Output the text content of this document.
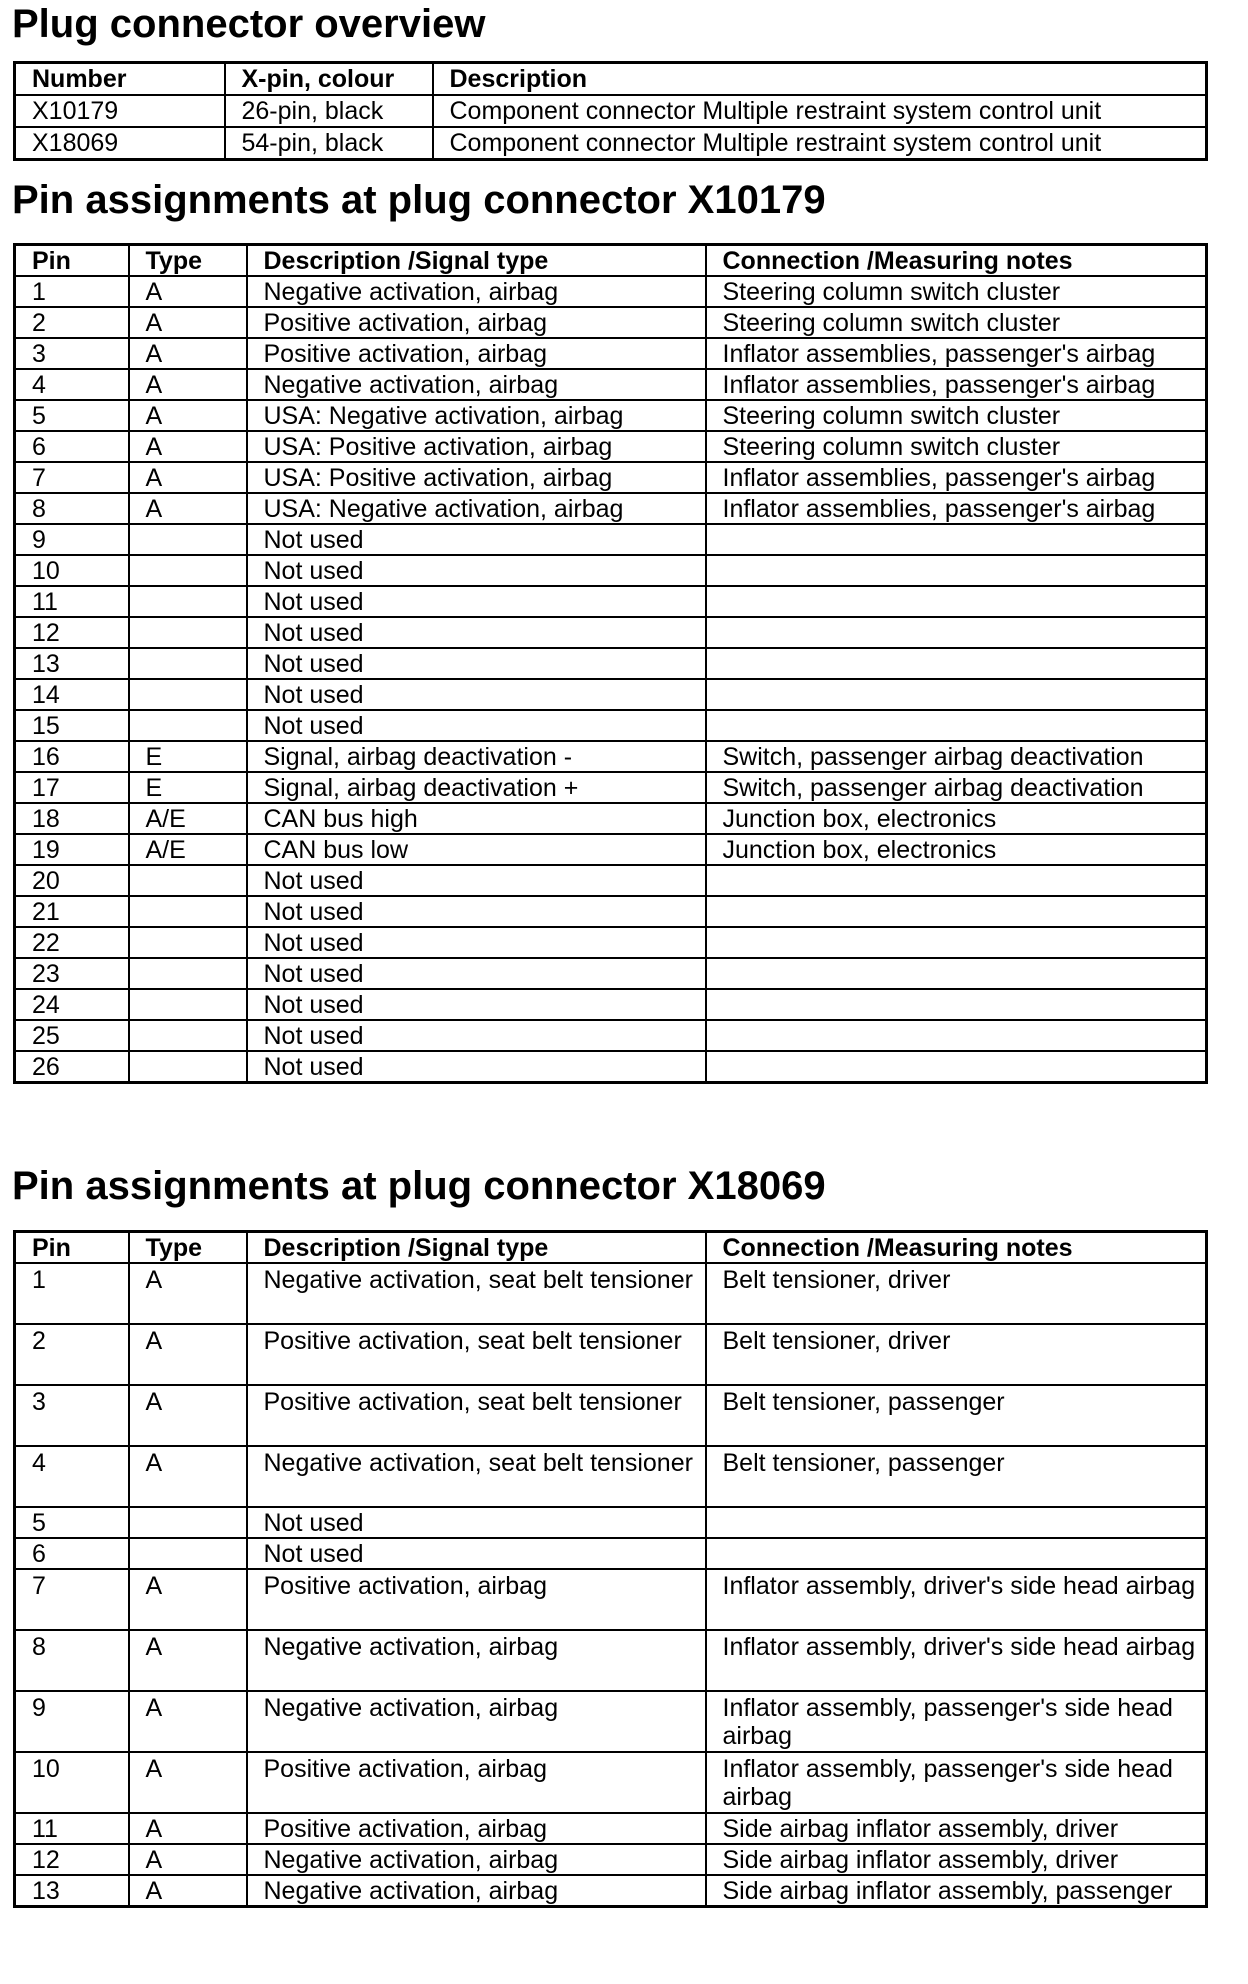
Plug connector overview
Number	X-pin, colour	Description
X10179	26-pin, black	Component connector Multiple restraint system control unit
X18069	54-pin, black	Component connector Multiple restraint system control unit
Pin assignments at plug connector X10179
Pin	Type	Description /Signal type	Connection /Measuring notes
1	A	Negative activation, airbag	Steering column switch cluster
2	A	Positive activation, airbag	Steering column switch cluster
3	A	Positive activation, airbag	Inflator assemblies, passenger's airbag
4	A	Negative activation, airbag	Inflator assemblies, passenger's airbag
5	A	USA: Negative activation, airbag	Steering column switch cluster
6	A	USA: Positive activation, airbag	Steering column switch cluster
7	A	USA: Positive activation, airbag	Inflator assemblies, passenger's airbag
8	A	USA: Negative activation, airbag	Inflator assemblies, passenger's airbag
9		Not used	
10		Not used	
11		Not used	
12		Not used	
13		Not used	
14		Not used	
15		Not used	
16	E	Signal, airbag deactivation -	Switch, passenger airbag deactivation
17	E	Signal, airbag deactivation +	Switch, passenger airbag deactivation
18	A/E	CAN bus high	Junction box, electronics
19	A/E	CAN bus low	Junction box, electronics
20		Not used	
21		Not used	
22		Not used	
23		Not used	
24		Not used	
25		Not used	
26		Not used	
Pin assignments at plug connector X18069
Pin	Type	Description /Signal type	Connection /Measuring notes

1	A	Negative activation, seat belt tensioner	Belt tensioner, driver

2	A	Positive activation, seat belt tensioner	Belt tensioner, driver

3	A	Positive activation, seat belt tensioner	Belt tensioner, passenger

4	A	Negative activation, seat belt tensioner	Belt tensioner, passenger

5		Not used	
6		Not used	

7	A	Positive activation, airbag	Inflator assembly, driver's side head airbag

8	A	Negative activation, airbag	Inflator assembly, driver's side head airbag

9	A	Negative activation, airbag	Inflator assembly, passenger's side head airbag

10	A	Positive activation, airbag	Inflator assembly, passenger's side head airbag

11	A	Positive activation, airbag	Side airbag inflator assembly, driver
12	A	Negative activation, airbag	Side airbag inflator assembly, driver
13	A	Negative activation, airbag	Side airbag inflator assembly, passenger
